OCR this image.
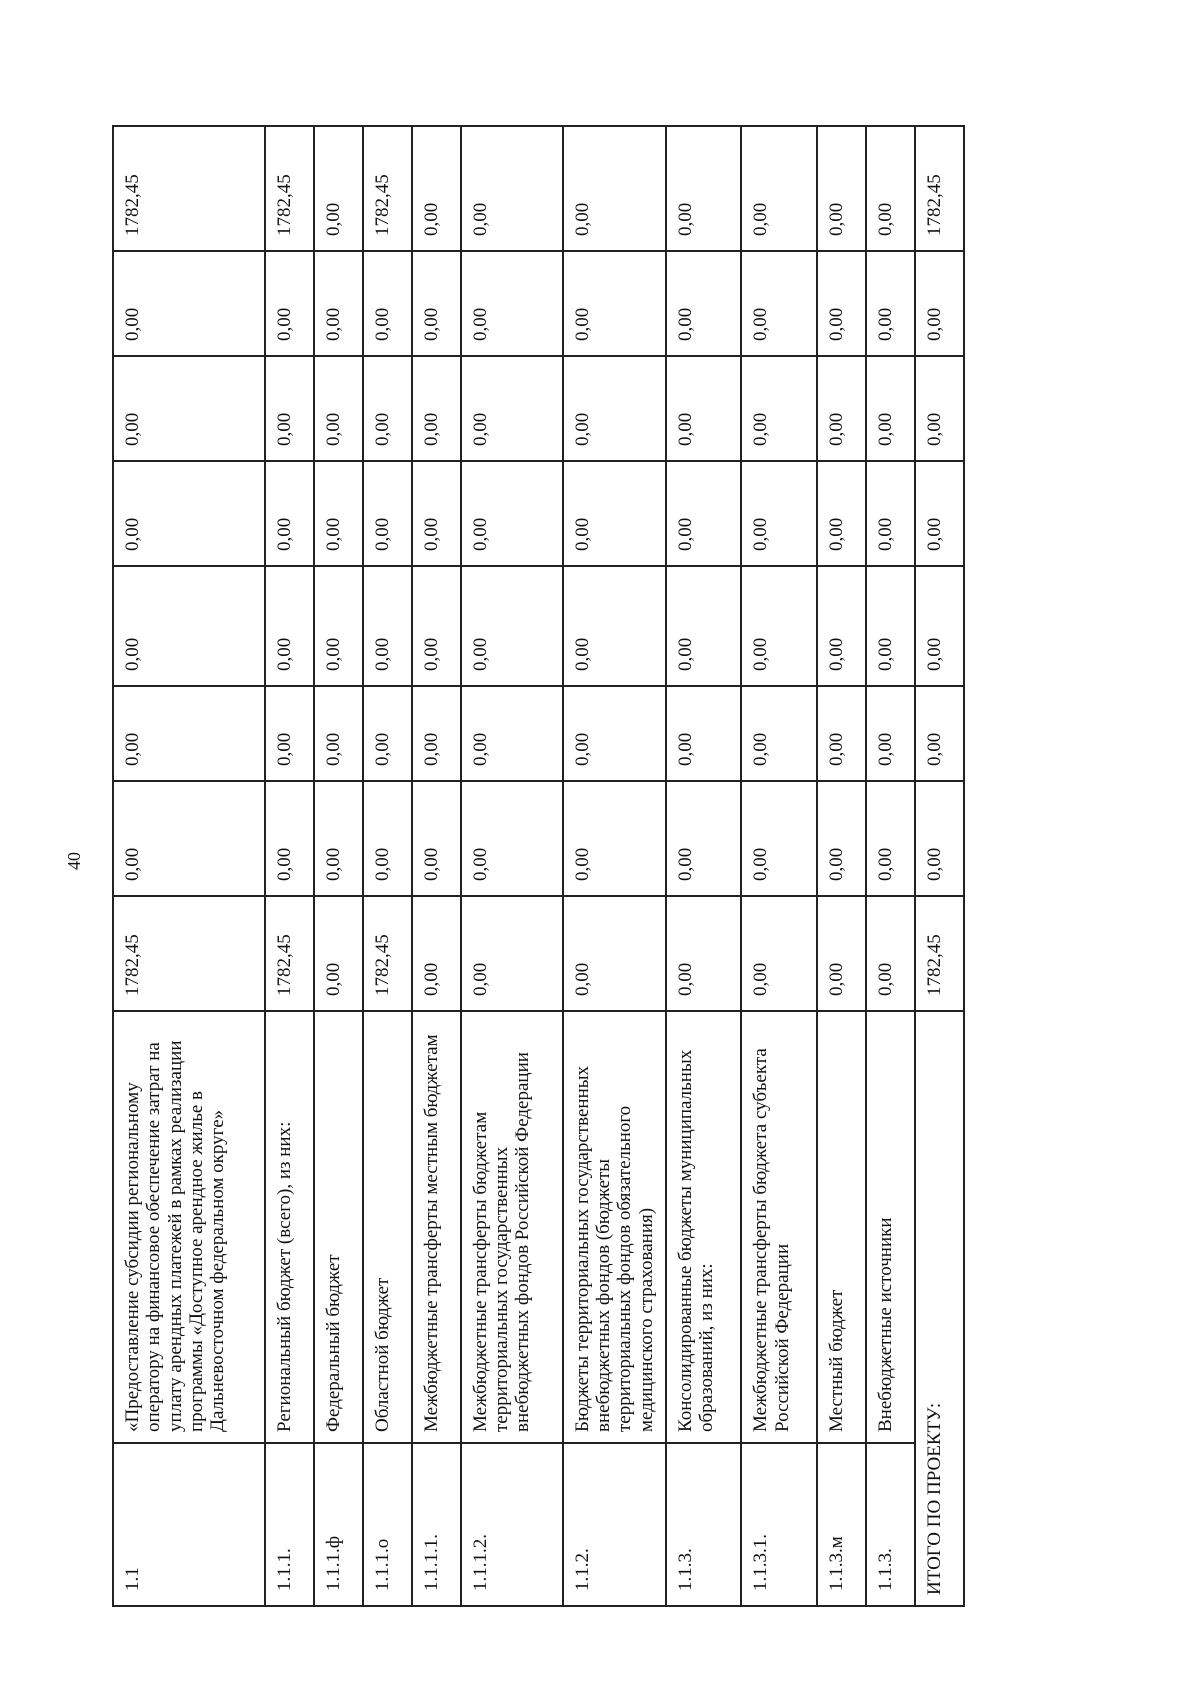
40
1.1	«Предоставление субсидии региональному оператору на финансовое обеспечение затрат на уплату арендных платежей в рамках реализации программы «Доступное арендное жилье в Дальневосточном федеральном округе»	1782,45	0,00	0,00	0,00	0,00	0,00	0,00	1782,45
1.1.1.	Региональный бюджет (всего), из них:	1782,45	0,00	0,00	0,00	0,00	0,00	0,00	1782,45
1.1.1.ф	Федеральный бюджет	0,00	0,00	0,00	0,00	0,00	0,00	0,00	0,00
1.1.1.о	Областной бюджет	1782,45	0,00	0,00	0,00	0,00	0,00	0,00	1782,45
1.1.1.1.	Межбюджетные трансферты местным бюджетам	0,00	0,00	0,00	0,00	0,00	0,00	0,00	0,00
1.1.1.2.	Межбюджетные трансферты бюджетам территориальных государственных внебюджетных фондов Российской Федерации	0,00	0,00	0,00	0,00	0,00	0,00	0,00	0,00
1.1.2.	Бюджеты территориальных государственных внебюджетных фондов (бюджеты территориальных фондов обязательного медицинского страхования)	0,00	0,00	0,00	0,00	0,00	0,00	0,00	0,00
1.1.3.	Консолидированные бюджеты муниципальных образований, из них:	0,00	0,00	0,00	0,00	0,00	0,00	0,00	0,00
1.1.3.1.	Межбюджетные трансферты бюджета субъекта Российской Федерации	0,00	0,00	0,00	0,00	0,00	0,00	0,00	0,00
1.1.3.м	Местный бюджет	0,00	0,00	0,00	0,00	0,00	0,00	0,00	0,00
1.1.3.	Внебюджетные источники	0,00	0,00	0,00	0,00	0,00	0,00	0,00	0,00
ИТОГО ПО ПРОЕКТУ:		1782,45	0,00	0,00	0,00	0,00	0,00	0,00	1782,45
